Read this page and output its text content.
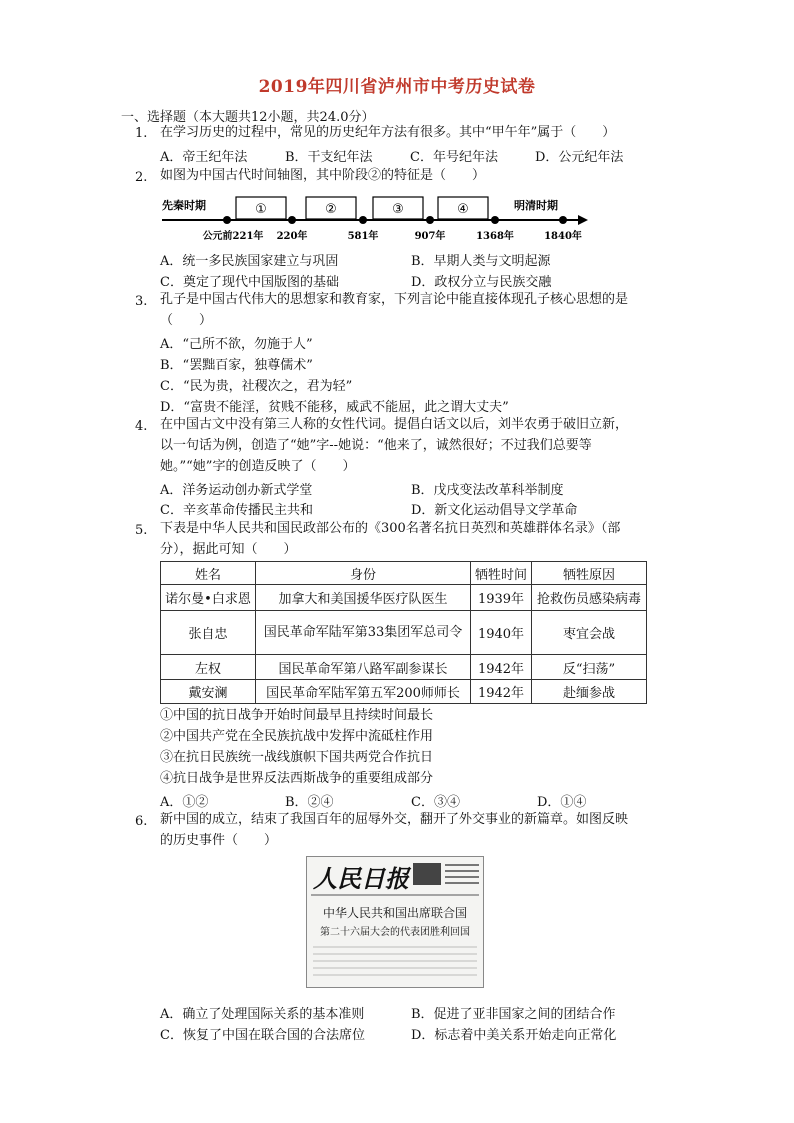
2019年四川省泸州市中考历史试卷
一、选择题（本大题共12小题，共24.0分）
1. 在学习历史的过程中，常见的历史纪年方法有很多。其中“甲午年”属于（　　）
A．帝王纪年法	B．干支纪年法	C．年号纪年法	D．公元纪年法
2. 如图为中国古代时间轴图，其中阶段②的特征是（　　）
先秦时期	明清时期
①	②	③	④
公元前221年 220年	581年	907年	1368年	1840年
A．统一多民族国家建立与巩固	B．早期人类与文明起源
C．奠定了现代中国版图的基础	D．政权分立与民族交融
3. 孔子是中国古代伟大的思想家和教育家，下列言论中能直接体现孔子核心思想的是
（　　）
A．“己所不欲，勿施于人”
B．“罢黜百家，独尊儒术”
C．“民为贵，社稷次之，君为轻”
D．“富贵不能淫，贫贱不能移，威武不能屈，此之谓大丈夫”
4. 在中国古文中没有第三人称的女性代词。提倡白话文以后，刘半农勇于破旧立新，
以一句话为例，创造了“她”字--她说：“他来了，诚然很好；不过我们总要等
她。”“她”字的创造反映了（　　）
A．洋务运动创办新式学堂	B．戊戌变法改革科举制度
C．辛亥革命传播民主共和	D．新文化运动倡导文学革命
5. 下表是中华人民共和国民政部公布的《300名著名抗日英烈和英雄群体名录》（部
分），据此可知（　　）
姓名	身份	牺牲时间	牺牲原因
诺尔曼•白求恩	加拿大和美国援华医疗队医生	1939年	抢救伤员感染病毒
张自忠	国民革命军陆军第33集团军总司令	1940年	枣宜会战
左权	国民革命军第八路军副参谋长	1942年	反“扫荡”
戴安澜	国民革命军陆军第五军200师师长	1942年	赴缅参战
①中国的抗日战争开始时间最早且持续时间最长
②中国共产党在全民族抗战中发挥中流砥柱作用
③在抗日民族统一战线旗帜下国共两党合作抗日
④抗日战争是世界反法西斯战争的重要组成部分
A．①②	B．②④	C．③④	D．①④
6. 新中国的成立，结束了我国百年的屈辱外交，翻开了外交事业的新篇章。如图反映
的历史事件（　　）
人民日报
中华人民共和国出席联合国
第二十六届大会的代表团胜利回国
A．确立了处理国际关系的基本准则	B．促进了亚非国家之间的团结合作
C．恢复了中国在联合国的合法席位	D．标志着中美关系开始走向正常化
